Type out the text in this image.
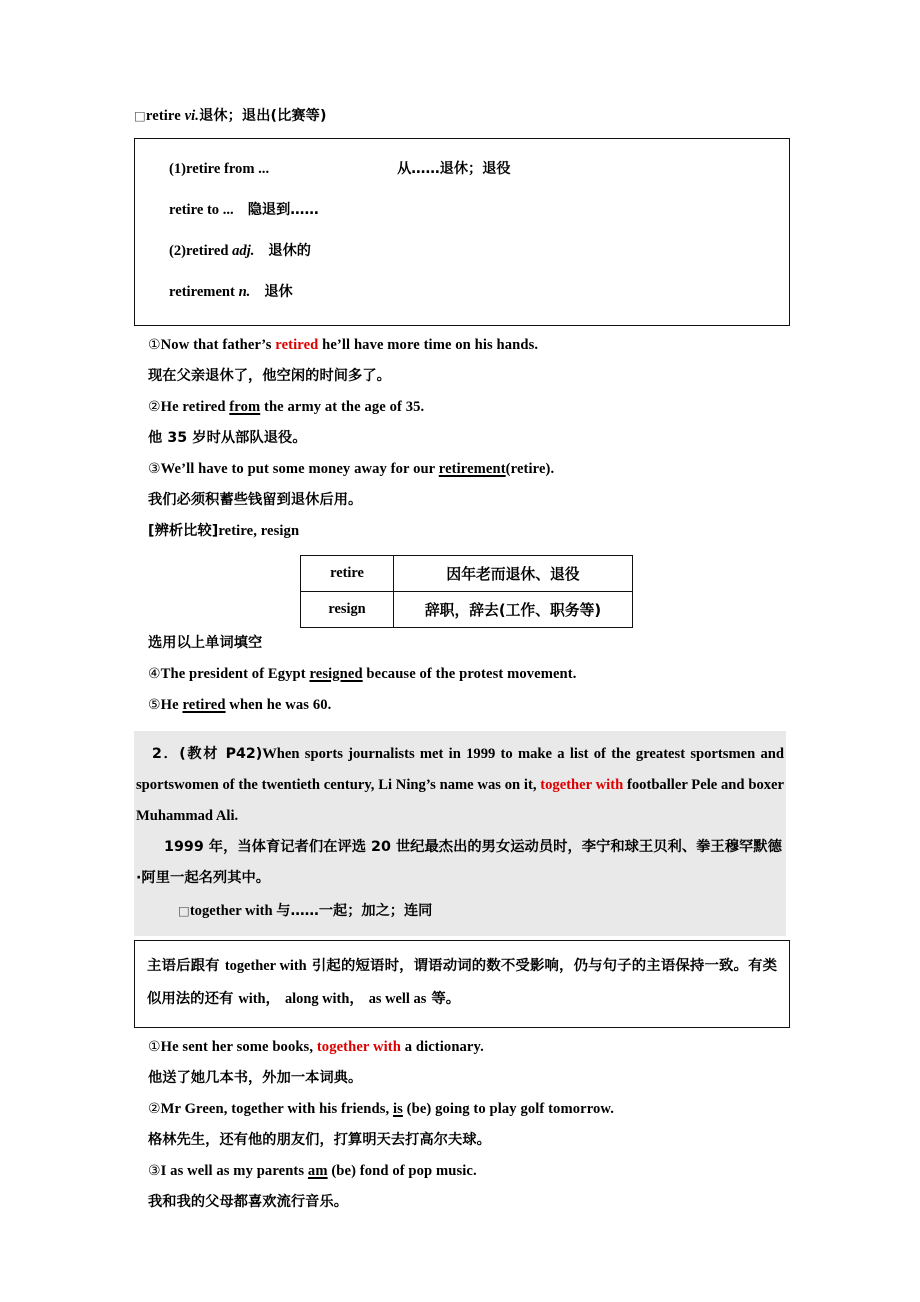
□retire vi.退休；退出(比赛等)
(1)retire from ...	从……退休；退役
retire to ... 隐退到……
(2)retired adj. 退休的
retirement n. 退休
①Now that father’s retired he’ll have more time on his hands.
现在父亲退休了，他空闲的时间多了。
②He retired from the army at the age of 35.
他 35 岁时从部队退役。
③We’ll have to put some money away for our retirement(retire).
我们必须积蓄些钱留到退休后用。
[辨析比较]retire, resign
retire	因年老而退休、退役
resign	辞职，辞去(工作、职务等)
选用以上单词填空
④The president of Egypt resigned because of the protest movement.
⑤He retired when he was 60.
2．(教材 P42)When sports journalists met in 1999 to make a list of the greatest sportsmen and sportswomen of the twentieth century, Li Ning’s name was on it, together with footballer Pele and boxer Muhammad Ali.
1999 年，当体育记者们在评选 20 世纪最杰出的男女运动员时，李宁和球王贝利、拳王穆罕默德·阿里一起名列其中。
□together with 与……一起；加之；连同

主语后跟有 together with 引起的短语时，谓语动词的数不受影响，仍与句子的主语保持一致。有类似用法的还有 with， along with， as well as 等。

①He sent her some books, together with a dictionary.
他送了她几本书，外加一本词典。
②Mr Green, together with his friends, is (be) going to play golf tomorrow.
格林先生，还有他的朋友们，打算明天去打高尔夫球。
③I as well as my parents am (be) fond of pop music.
我和我的父母都喜欢流行音乐。
